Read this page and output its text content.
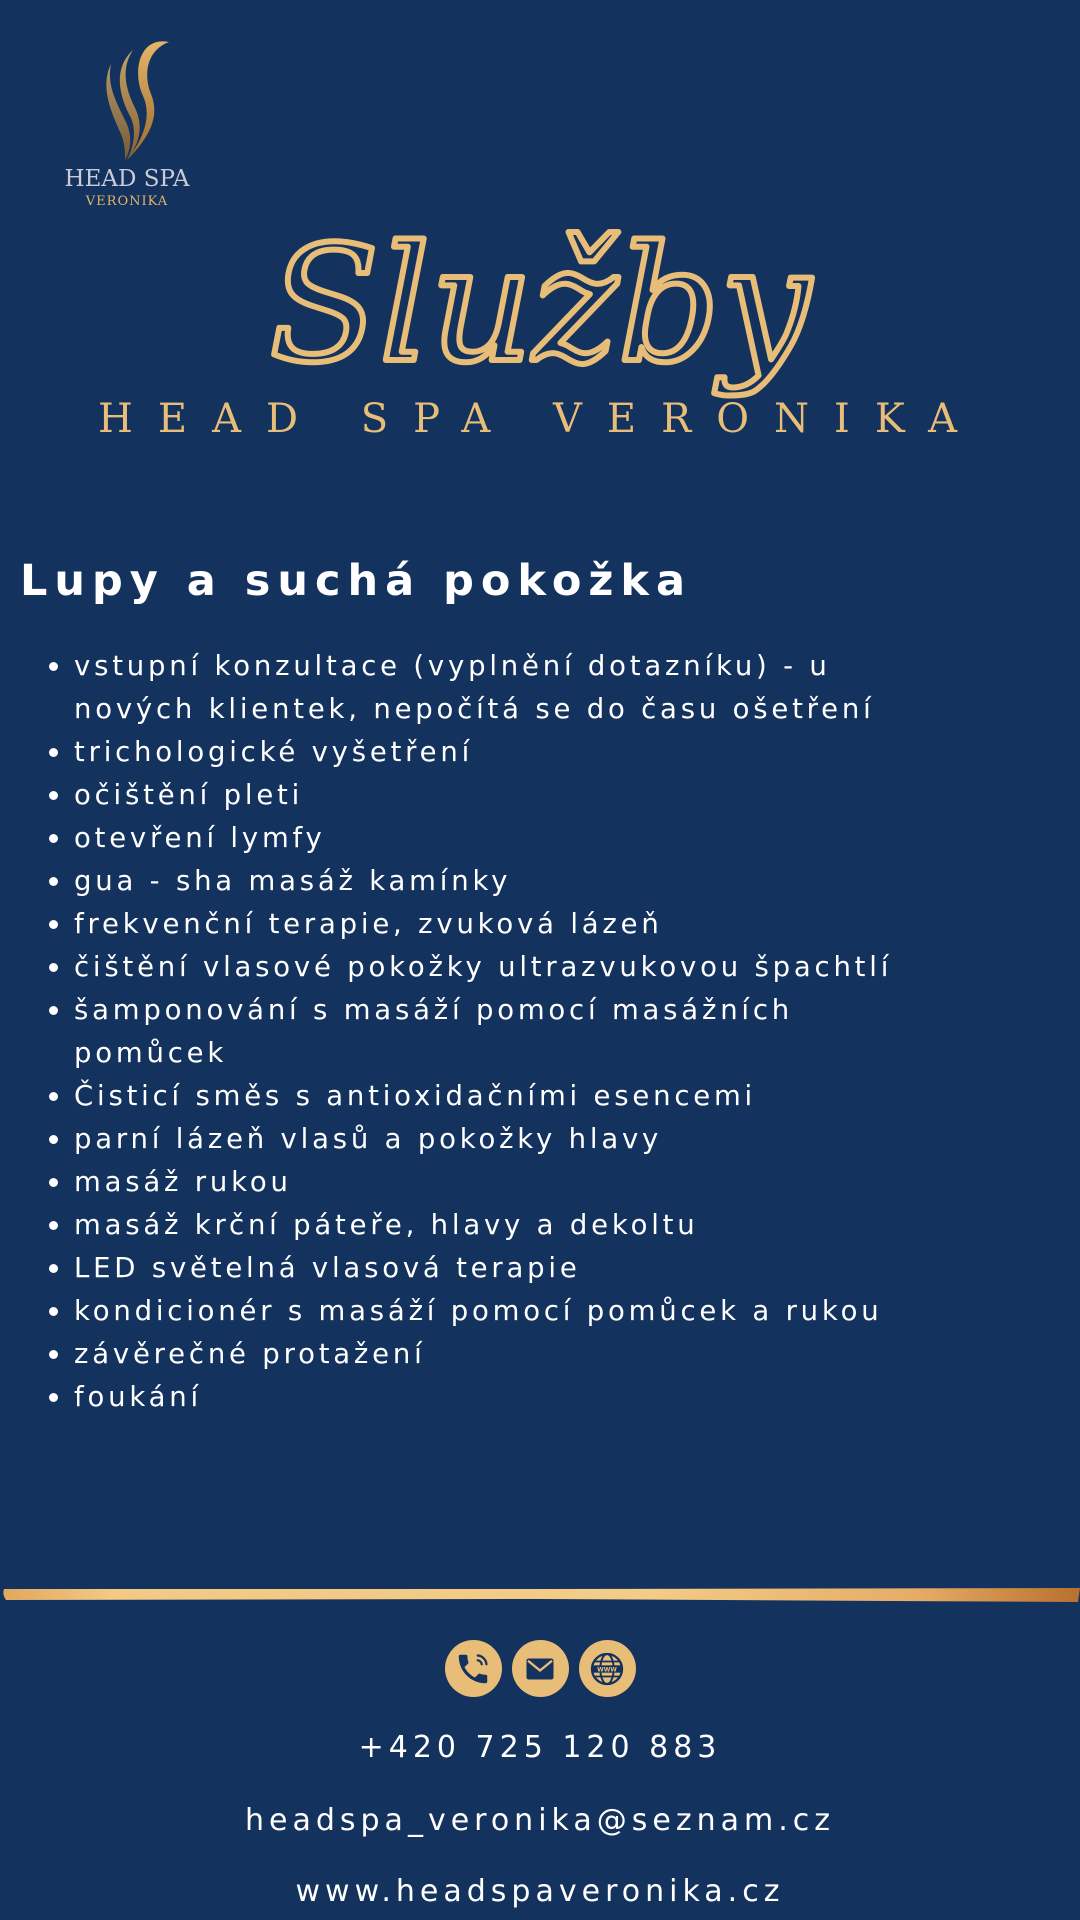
HEAD SPA
VERONIKA
Služby
HEAD SPA VERONIKA
Lupy a suchá pokožka
vstupní konzultace (vyplnění dotazníku) - u
nových klientek, nepočítá se do času ošetření
trichologické vyšetření
očištění pleti
otevření lymfy
gua - sha masáž kamínky
frekvenční terapie, zvuková lázeň
čištění vlasové pokožky ultrazvukovou špachtlí
šamponování s masáží pomocí masážních
pomůcek
Čisticí směs s antioxidačními esencemi
parní lázeň vlasů a pokožky hlavy
masáž rukou
masáž krční páteře, hlavy a dekoltu
LED světelná vlasová terapie
kondicionér s masáží pomocí pomůcek a rukou
závěrečné protažení
foukání
WWW
+420 725 120 883
headspa_veronika@seznam.cz
www.headspaveronika.cz
